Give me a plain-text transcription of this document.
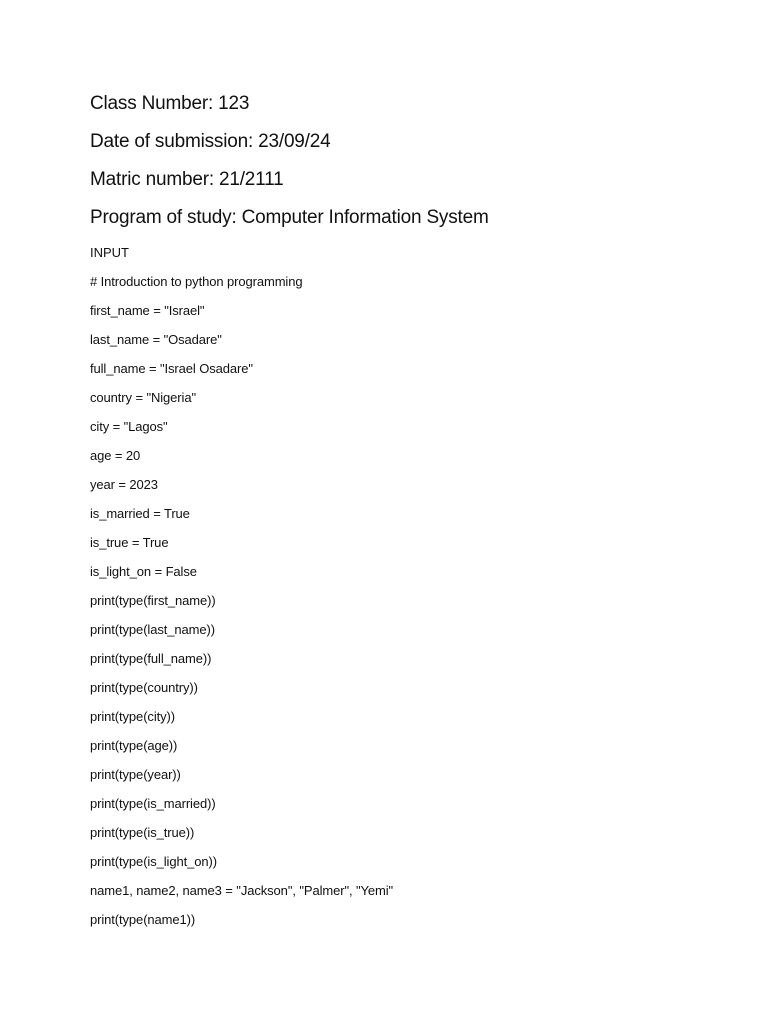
Class Number: 123
Date of submission: 23/09/24
Matric number: 21/2111
Program of study: Computer Information System
INPUT
# Introduction to python programming
first_name = "Israel"
last_name = "Osadare"
full_name = "Israel Osadare"
country = "Nigeria"
city = "Lagos"
age = 20
year = 2023
is_married = True
is_true = True
is_light_on = False
print(type(first_name))
print(type(last_name))
print(type(full_name))
print(type(country))
print(type(city))
print(type(age))
print(type(year))
print(type(is_married))
print(type(is_true))
print(type(is_light_on))
name1, name2, name3 = "Jackson", "Palmer", "Yemi"
print(type(name1))
